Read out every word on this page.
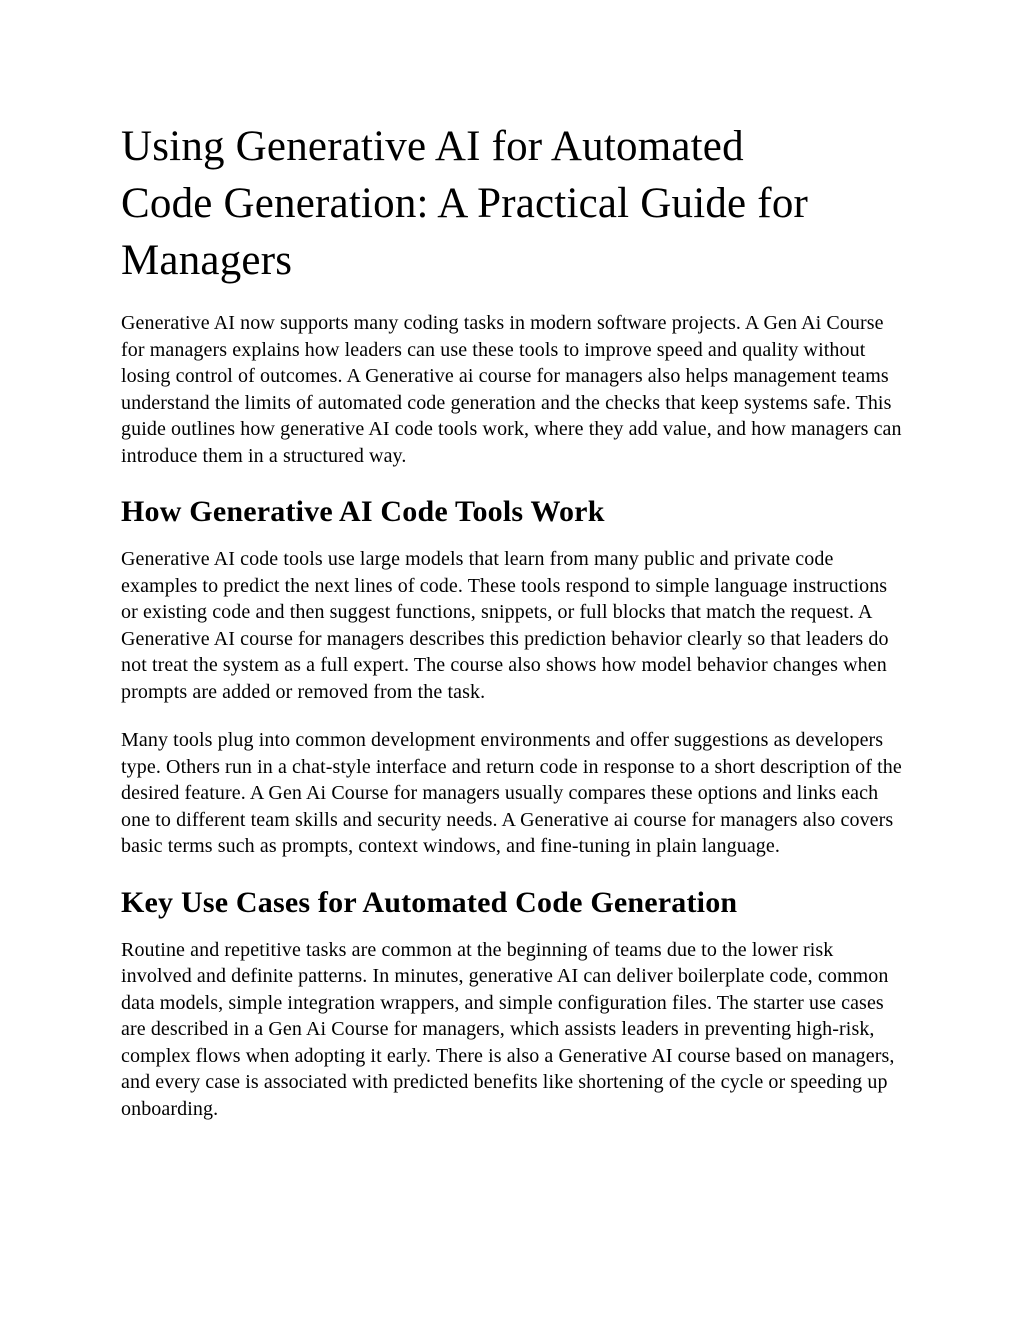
Using Generative AI for Automated
Code Generation: A Practical Guide for
Managers

Generative AI now supports many coding tasks in modern software projects. A Gen Ai Course for managers explains how leaders can use these tools to improve speed and quality without losing control of outcomes. A Generative ai course for managers also helps management teams understand the limits of automated code generation and the checks that keep systems safe. This guide outlines how generative AI code tools work, where they add value, and how managers can introduce them in a structured way.

How Generative AI Code Tools Work

Generative AI code tools use large models that learn from many public and private code examples to predict the next lines of code. These tools respond to simple language instructions or existing code and then suggest functions, snippets, or full blocks that match the request. A Generative AI course for managers describes this prediction behavior clearly so that leaders do not treat the system as a full expert. The course also shows how model behavior changes when prompts are added or removed from the task.

Many tools plug into common development environments and offer suggestions as developers type. Others run in a chat-style interface and return code in response to a short description of the desired feature. A Gen Ai Course for managers usually compares these options and links each one to different team skills and security needs. A Generative ai course for managers also covers basic terms such as prompts, context windows, and fine-tuning in plain language.

Key Use Cases for Automated Code Generation

Routine and repetitive tasks are common at the beginning of teams due to the lower risk involved and definite patterns. In minutes, generative AI can deliver boilerplate code, common data models, simple integration wrappers, and simple configuration files. The starter use cases are described in a Gen Ai Course for managers, which assists leaders in preventing high-risk, complex flows when adopting it early. There is also a Generative AI course based on managers, and every case is associated with predicted benefits like shortening of the cycle or speeding up onboarding.
